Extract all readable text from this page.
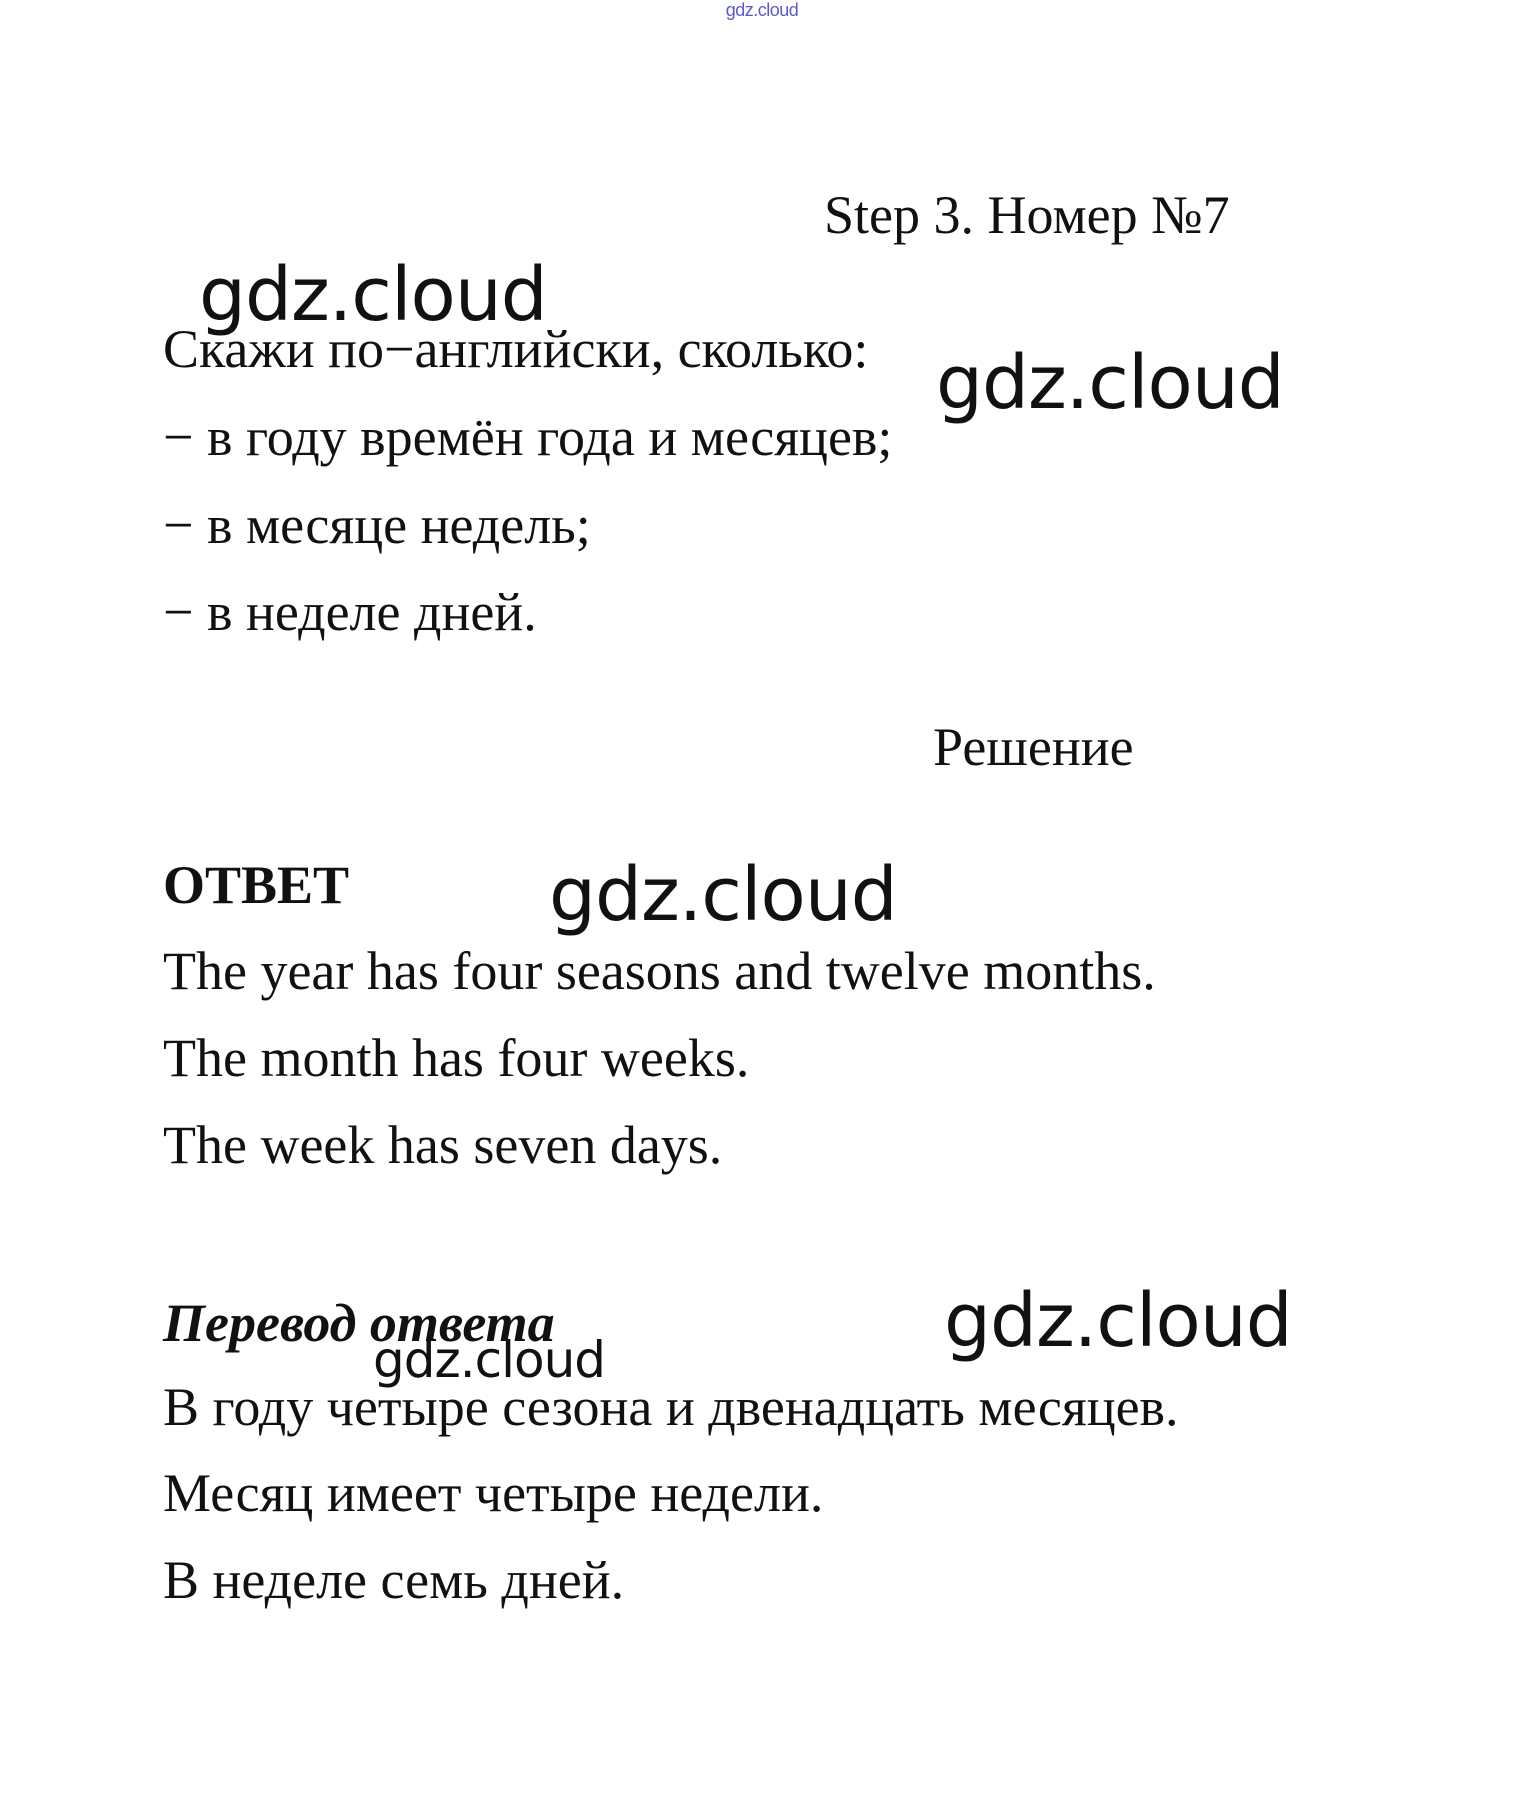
gdz.cloud
Step 3. Номер №7
gdz.cloud
Скажи по−английски, сколько: gdz.cloud
− в году времён года и месяцев;
− в месяце недель;
− в неделе дней.
Решение
ОТВЕТ	gdz.cloud
The year has four seasons and twelve months.
The month has four weeks.
The week has seven days.
Перевод ответа	gdz.cloud
gdz.cloud
В году четыре сезона и двенадцать месяцев.
Месяц имеет четыре недели.
В неделе семь дней.
